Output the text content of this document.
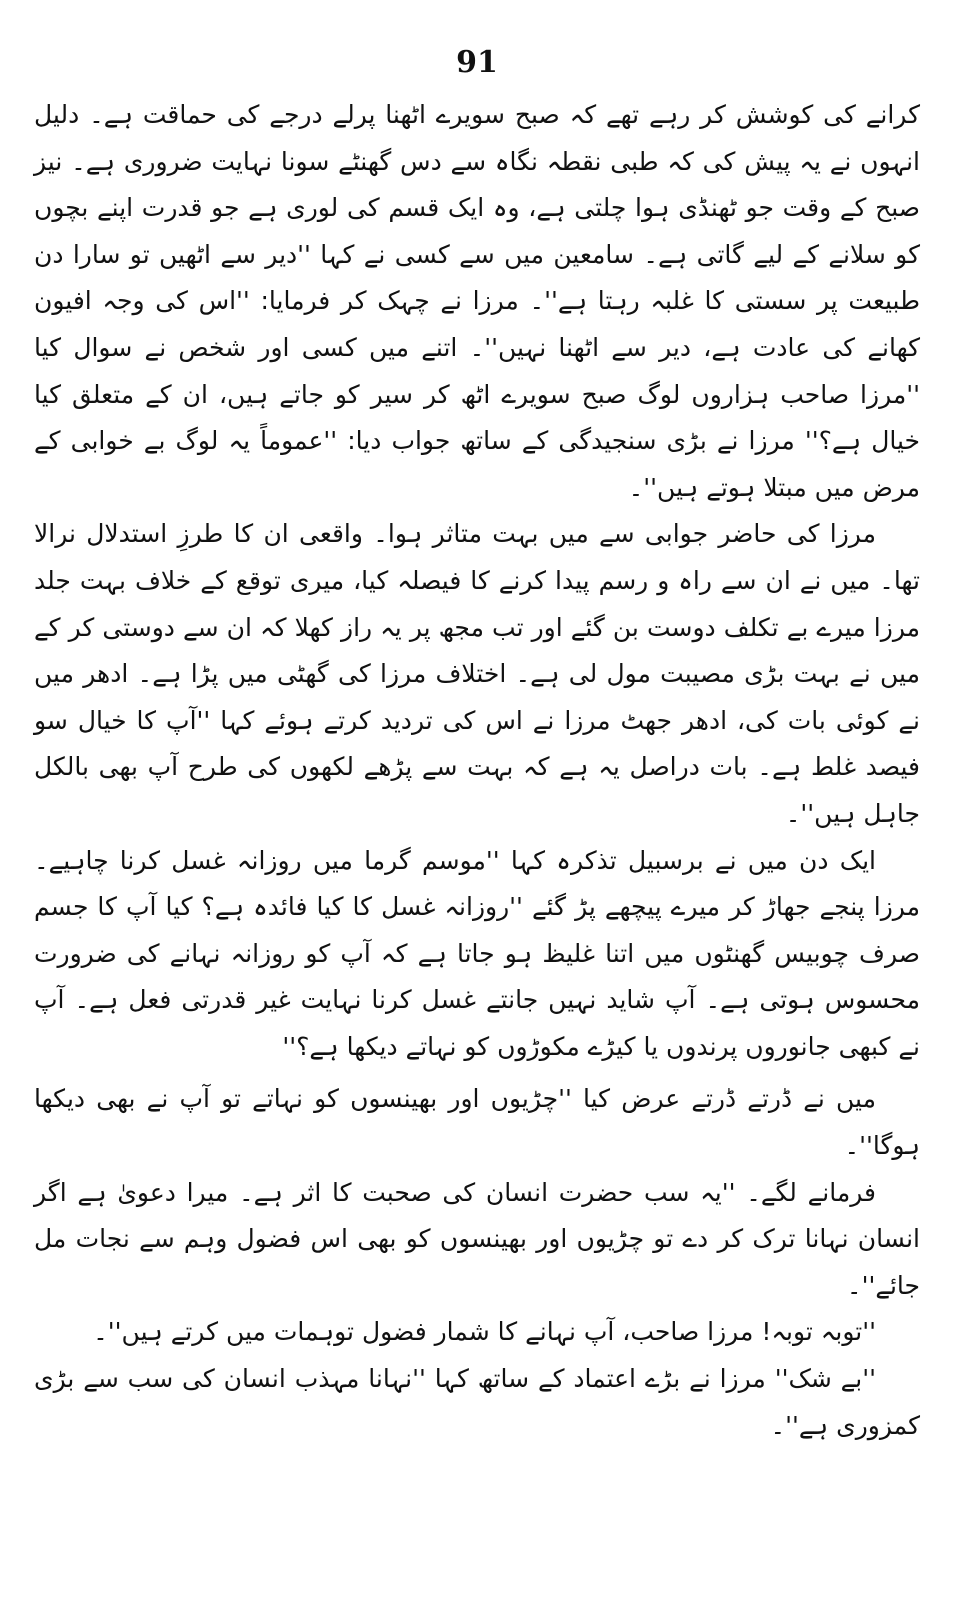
91

کرانے کی کوشش کر رہے تھے کہ صبح سویرے اٹھنا پرلے درجے کی حماقت ہے۔ دلیل انہوں نے یہ پیش کی کہ طبی نقطہ نگاہ سے دس گھنٹے سونا نہایت ضروری ہے۔ نیز صبح کے وقت جو ٹھنڈی ہوا چلتی ہے، وہ ایک قسم کی لوری ہے جو قدرت اپنے بچوں کو سلانے کے لیے گاتی ہے۔ سامعین میں سے کسی نے کہا ''دیر سے اٹھیں تو سارا دن طبیعت پر سستی کا غلبہ رہتا ہے''۔ مرزا نے چہک کر فرمایا: ''اس کی وجہ افیون کھانے کی عادت ہے، دیر سے اٹھنا نہیں''۔ اتنے میں کسی اور شخص نے سوال کیا ''مرزا صاحب ہزاروں لوگ صبح سویرے اٹھ کر سیر کو جاتے ہیں، ان کے متعلق کیا خیال ہے؟'' مرزا نے بڑی سنجیدگی کے ساتھ جواب دیا: ''عموماً یہ لوگ بے خوابی کے مرض میں مبتلا ہوتے ہیں''۔

مرزا کی حاضر جوابی سے میں بہت متاثر ہوا۔ واقعی ان کا طرزِ استدلال نرالا تھا۔ میں نے ان سے راہ و رسم پیدا کرنے کا فیصلہ کیا، میری توقع کے خلاف بہت جلد مرزا میرے بے تکلف دوست بن گئے اور تب مجھ پر یہ راز کھلا کہ ان سے دوستی کر کے میں نے بہت بڑی مصیبت مول لی ہے۔ اختلاف مرزا کی گھٹی میں پڑا ہے۔ ادھر میں نے کوئی بات کی، ادھر جھٹ مرزا نے اس کی تردید کرتے ہوئے کہا ''آپ کا خیال سو فیصد غلط ہے۔ بات دراصل یہ ہے کہ بہت سے پڑھے لکھوں کی طرح آپ بھی بالکل جاہل ہیں''۔

ایک دن میں نے برسبیل تذکرہ کہا ''موسم گرما میں روزانہ غسل کرنا چاہیے۔ مرزا پنجے جھاڑ کر میرے پیچھے پڑ گئے ''روزانہ غسل کا کیا فائدہ ہے؟ کیا آپ کا جسم صرف چوبیس گھنٹوں میں اتنا غلیظ ہو جاتا ہے کہ آپ کو روزانہ نہانے کی ضرورت محسوس ہوتی ہے۔ آپ شاید نہیں جانتے غسل کرنا نہایت غیر قدرتی فعل ہے۔ آپ نے کبھی جانوروں پرندوں یا کیڑے مکوڑوں کو نہاتے دیکھا ہے؟''

میں نے ڈرتے ڈرتے عرض کیا ''چڑیوں اور بھینسوں کو نہاتے تو آپ نے بھی دیکھا ہوگا''۔

فرمانے لگے۔ ''یہ سب حضرت انسان کی صحبت کا اثر ہے۔ میرا دعویٰ ہے اگر انسان نہانا ترک کر دے تو چڑیوں اور بھینسوں کو بھی اس فضول وہم سے نجات مل جائے''۔

''توبہ توبہ! مرزا صاحب، آپ نہانے کا شمار فضول توہمات میں کرتے ہیں''۔

''بے شک'' مرزا نے بڑے اعتماد کے ساتھ کہا ''نہانا مہذب انسان کی سب سے بڑی کمزوری ہے''۔
